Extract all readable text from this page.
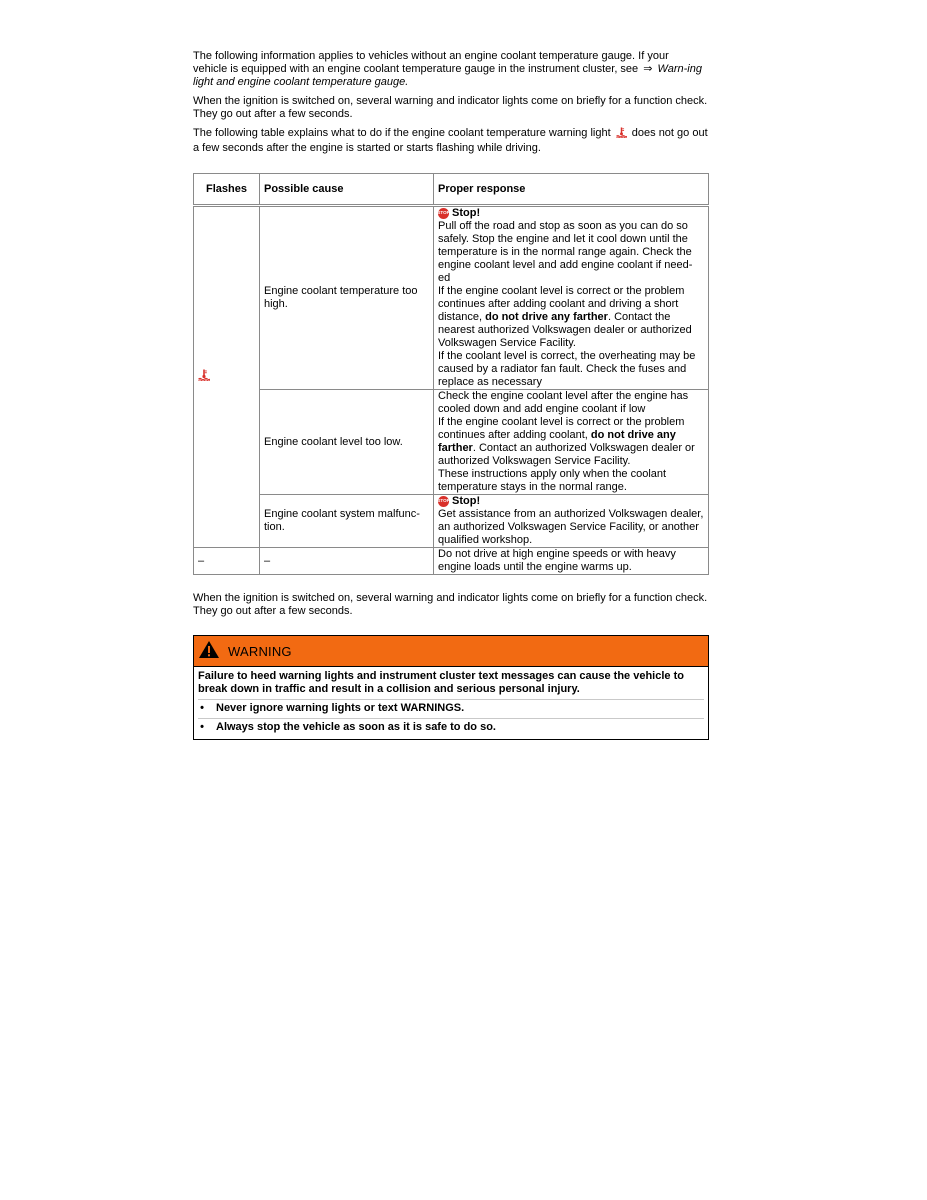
The following information applies to vehicles without an engine coolant temperature gauge. If your

vehicle is equipped with an engine coolant temperature gauge in the instrument cluster, see ⇒ Warn-ing light and engine coolant temperature gauge.

When the ignition is switched on, several warning and indicator lights come on briefly for a function check. They go out after a few seconds.

The following table explains what to do if the engine coolant temperature warning light does not go out a few seconds after the engine is started or starts flashing while driving.

Flashes	Possible cause	Proper response
	Engine coolant temperature too high.	STOP Stop!
Pull off the road and stop as soon as you can do so safely. Stop the engine and let it cool down until the temperature is in the normal range again. Check the engine coolant level and add engine coolant if need-ed
If the engine coolant level is correct or the problem continues after adding coolant and driving a short distance, do not drive any farther. Contact the nearest authorized Volkswagen dealer or authorized Volkswagen Service Facility.
If the coolant level is correct, the overheating may be caused by a radiator fan fault. Check the fuses and replace as necessary

	Engine coolant level too low.	Check the engine coolant level after the engine has cooled down and add engine coolant if low
If the engine coolant level is correct or the problem continues after adding coolant, do not drive any farther. Contact an authorized Volkswagen dealer or authorized Volkswagen Service Facility.
These instructions apply only when the coolant temperature stays in the normal range.

	Engine coolant system malfunc-tion.	STOP Stop!
Get assistance from an authorized Volkswagen dealer, an authorized Volkswagen Service Facility, or another qualified workshop.

–	–	Do not drive at high engine speeds or with heavy engine loads until the engine warms up.

When the ignition is switched on, several warning and indicator lights come on briefly for a function check. They go out after a few seconds.

WARNING

Failure to heed warning lights and instrument cluster text messages can cause the vehicle to break down in traffic and result in a collision and serious personal injury.

• Never ignore warning lights or text WARNINGS.
• Always stop the vehicle as soon as it is safe to do so.
